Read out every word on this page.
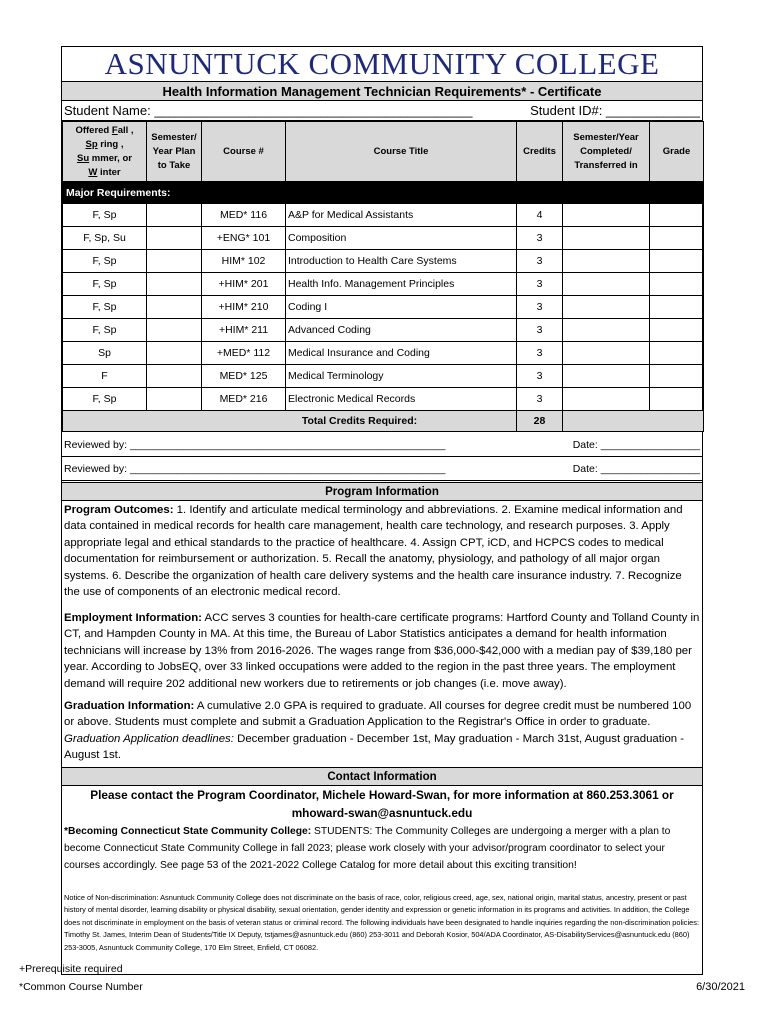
ASNUNTUCK COMMUNITY COLLEGE
Health Information Management Technician Requirements* - Certificate
Student Name: ____________________________________________	Student ID#: _____________
Offered Fall ,
Sp ring ,
Su mmer, or
W inter	Semester/ Year Plan to Take	Course #	Course Title	Credits	Semester/Year Completed/ Transferred in	Grade
Major Requirements:						
F, Sp		MED* 116	A&P for Medical Assistants	4		
F, Sp, Su		+ENG* 101	Composition	3		
F, Sp		HIM* 102	Introduction to Health Care Systems	3		
F, Sp		+HIM* 201	Health Info. Management Principles	3		
F, Sp		+HIM* 210	Coding I	3		
F, Sp		+HIM* 211	Advanced Coding	3		
Sp		+MED* 112	Medical Insurance and Coding	3		
F		MED* 125	Medical Terminology	3		
F, Sp		MED* 216	Electronic Medical Records	3		
Total Credits Required:				28		
Reviewed by: ______________________________________________________	Date: _________________
Reviewed by: ______________________________________________________	Date: _________________
Program Information
Program Outcomes: 1. Identify and articulate medical terminology and abbreviations. 2. Examine medical information and data contained in medical records for health care management, health care technology, and research purposes. 3. Apply appropriate legal and ethical standards to the practice of healthcare. 4. Assign CPT, iCD, and HCPCS codes to medical documentation for reimbursement or authorization. 5. Recall the anatomy, physiology, and pathology of all major organ systems. 6. Describe the organization of health care delivery systems and the health care insurance industry. 7. Recognize the use of components of an electronic medical record.
Employment Information: ACC serves 3 counties for health-care certificate programs: Hartford County and Tolland County in CT, and Hampden County in MA. At this time, the Bureau of Labor Statistics anticipates a demand for health information technicians will increase by 13% from 2016-2026. The wages range from $36,000-$42,000 with a median pay of $39,180 per year. According to JobsEQ, over 33 linked occupations were added to the region in the past three years. The employment demand will require 202 additional new workers due to retirements or job changes (i.e. move away).
Graduation Information: A cumulative 2.0 GPA is required to graduate. All courses for degree credit must be numbered 100 or above. Students must complete and submit a Graduation Application to the Registrar's Office in order to graduate. Graduation Application deadlines: December graduation - December 1st, May graduation - March 31st, August graduation - August 1st.
Contact Information
Please contact the Program Coordinator, Michele Howard-Swan, for more information at 860.253.3061 or
mhoward-swan@asnuntuck.edu
*Becoming Connecticut State Community College: STUDENTS: The Community Colleges are undergoing a merger with a plan to become Connecticut State Community College in fall 2023; please work closely with your advisor/program coordinator to select your courses accordingly. See page 53 of the 2021-2022 College Catalog for more detail about this exciting transition!
Notice of Non-discrimination: Asnuntuck Community College does not discriminate on the basis of race, color, religious creed, age, sex, national origin, marital status, ancestry, present or past history of mental disorder, learning disability or physical disability, sexual orientation, gender identity and expression or genetic information in its programs and activities. In addition, the College does not discriminate in employment on the basis of veteran status or criminal record. The following individuals have been designated to handle inquiries regarding the non-discrimination policies: Timothy St. James, Interim Dean of Students/Title IX Deputy, tstjames@asnuntuck.edu (860) 253-3011 and Deborah Kosior, 504/ADA Coordinator, AS-DisabilityServices@asnuntuck.edu (860) 253-3005, Asnuntuck Community College, 170 Elm Street, Enfield, CT 06082.
+Prerequisite required
*Common Course Number	6/30/2021
